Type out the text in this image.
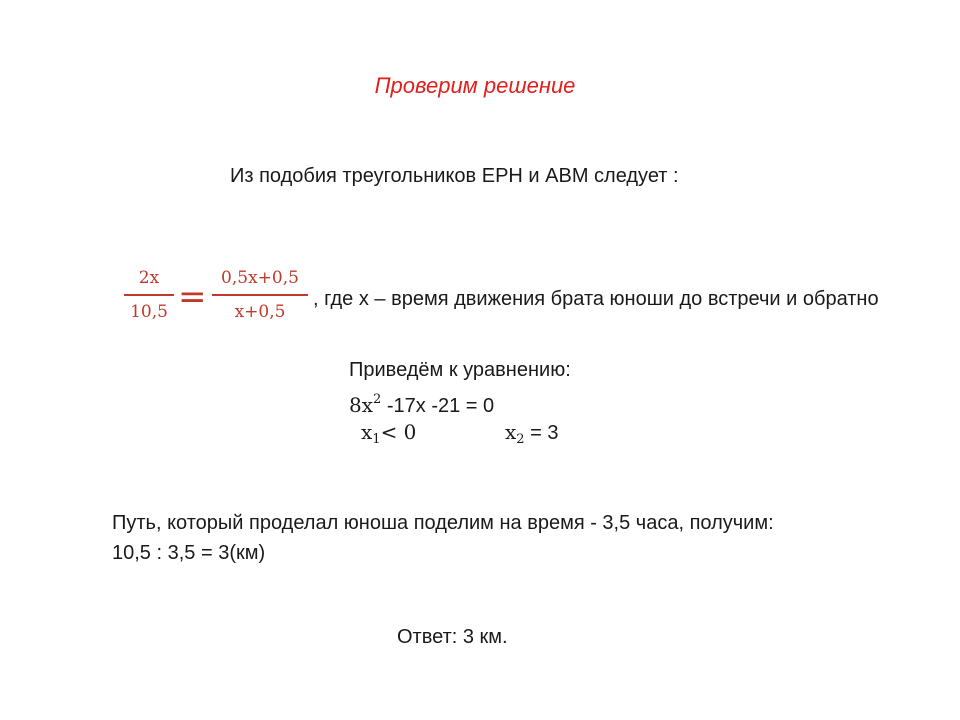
Проверим решение
Из подобия треугольников EPH и ABM следует :
2x
10,5 = 0,5x+0,5
x+0,5
, где х – время движения брата юноши до встречи и обратно
Приведём к уравнению:
$8x^2$ -17х -21 = 0
$x_1< 0$	$x_2 = 3$
Путь, который проделал юноша поделим на время - 3,5 часа, получим:
10,5 : 3,5 = 3(км)
Ответ: 3 км.
